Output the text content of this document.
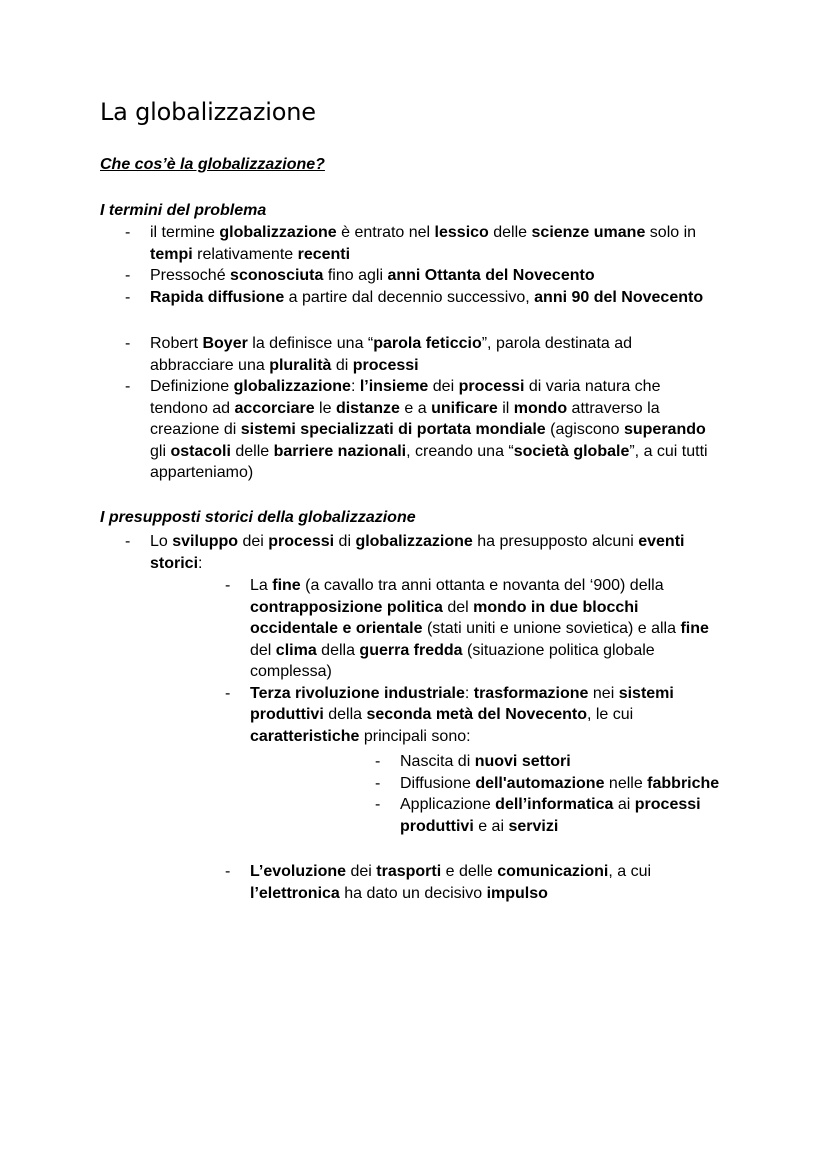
La globalizzazione
Che cos’è la globalizzazione?
I termini del problema
- il termine globalizzazione è entrato nel lessico delle scienze umane solo in tempi relativamente recenti
- Pressoché sconosciuta fino agli anni Ottanta del Novecento
- Rapida diffusione a partire dal decennio successivo, anni 90 del Novecento
- Robert Boyer la definisce una “parola feticcio”, parola destinata ad abbracciare una pluralità di processi
- Definizione globalizzazione: l’insieme dei processi di varia natura che tendono ad accorciare le distanze e a unificare il mondo attraverso la creazione di sistemi specializzati di portata mondiale (agiscono superando gli ostacoli delle barriere nazionali, creando una “società globale”, a cui tutti apparteniamo)
I presupposti storici della globalizzazione
- Lo sviluppo dei processi di globalizzazione ha presupposto alcuni eventi storici:
- La fine (a cavallo tra anni ottanta e novanta del ‘900) della contrapposizione politica del mondo in due blocchi occidentale e orientale (stati uniti e unione sovietica) e alla fine del clima della guerra fredda (situazione politica globale complessa)
- Terza rivoluzione industriale: trasformazione nei sistemi produttivi della seconda metà del Novecento, le cui caratteristiche principali sono:
- Nascita di nuovi settori
- Diffusione dell'automazione nelle fabbriche
- Applicazione dell’informatica ai processi produttivi e ai servizi
- L’evoluzione dei trasporti e delle comunicazioni, a cui l’elettronica ha dato un decisivo impulso
